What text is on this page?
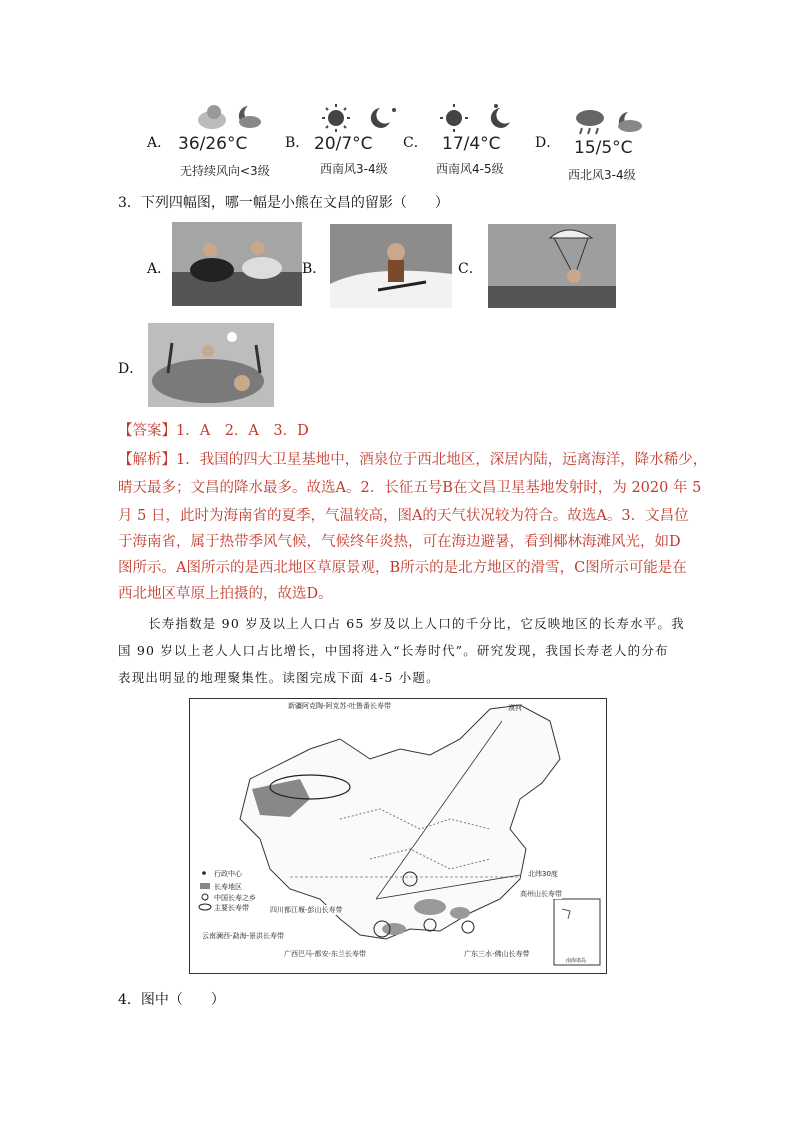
A． 36/26°C
无持续风向<3级
B． 20/7°C
西南风3-4级
C． 17/4°C
西南风4-5级
D． 15/5°C
西北风3-4级
3．下列四幅图，哪一幅是小熊在文昌的留影（　　）
A．	B．	C．
D．
【答案】1．A　2．A　3．D
【解析】1．我国的四大卫星基地中，酒泉位于西北地区，深居内陆，远离海洋，降水稀少，
晴天最多；文昌的降水最多。故选A。2．长征五号B在文昌卫星基地发射时，为 2020 年 5
月 5 日，此时为海南省的夏季，气温较高，图A的天气状况较为符合。故选A。3．文昌位
于海南省，属于热带季风气候，气候终年炎热，可在海边避暑，看到椰林海滩风光，如D
图所示。A图所示的是西北地区草原景观，B所示的是北方地区的滑雪，C图所示可能是在
西北地区草原上拍摄的，故选D。
长寿指数是 90 岁及以上人口占 65 岁及以上人口的千分比，它反映地区的长寿水平。我
国 90 岁以上老人人口占比增长，中国将进入“长寿时代”。研究发现，我国长寿老人的分布
表现出明显的地理聚集性。读图完成下面 4-5 小题。
新疆阿克陶-阿克苏-吐鲁番长寿带
四川都江堰-彭山长寿带
云南澜西-勐海-景洪长寿带
广西巴马-都安-东兰长寿带	广东三水-佛山长寿带
北纬30度
高州山长寿带
漠河
南海诸岛
行政中心
长寿地区
中国长寿之乡
主要长寿带
4．图中（　　）
